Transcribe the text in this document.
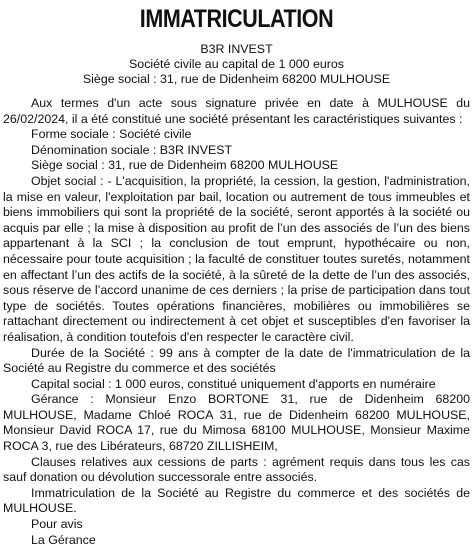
IMMATRICULATION
B3R INVEST
Société civile au capital de 1 000 euros
Siège social : 31, rue de Didenheim 68200 MULHOUSE

Aux termes d'un acte sous signature privée en date à MULHOUSE du 26/02/2024, il a été constitué une société présentant les caractéristiques suivantes :

Forme sociale : Société civile

Dénomination sociale : B3R INVEST

Siège social : 31, rue de Didenheim 68200 MULHOUSE

Objet social : - L'acquisition, la propriété, la cession, la gestion, l'administration, la mise en valeur, l'exploitation par bail, location ou autrement de tous immeubles et biens immobiliers qui sont la propriété de la société, seront apportés à la société ou acquis par elle ; la mise à disposition au profit de l’un des associés de l’un des biens appartenant à la SCI ; la conclusion de tout emprunt, hypothécaire ou non, nécessaire pour toute acquisition ; la faculté de constituer toutes suretés, notamment en affectant l’un des actifs de la société, à la sûreté de la dette de l’un des associés, sous réserve de l’accord unanime de ces derniers ; la prise de participation dans tout type de sociétés. Toutes opérations financières, mobilières ou immobilières se rattachant directement ou indirectement à cet objet et susceptibles d'en favoriser la réalisation, à condition toutefois d'en respecter le caractère civil.

Durée de la Société : 99 ans à compter de la date de l'immatriculation de la Société au Registre du commerce et des sociétés

Capital social : 1 000 euros, constitué uniquement d'apports en numéraire

Gérance : Monsieur Enzo BORTONE 31, rue de Didenheim 68200 MULHOUSE, Madame Chloé ROCA 31, rue de Didenheim 68200 MULHOUSE, Monsieur David ROCA 17, rue du Mimosa 68100 MULHOUSE, Monsieur Maxime ROCA 3, rue des Libérateurs, 68720 ZILLISHEIM,

Clauses relatives aux cessions de parts : agrément requis dans tous les cas sauf donation ou dévolution successorale entre associés.

Immatriculation de la Société au Registre du commerce et des sociétés de MULHOUSE.

Pour avis

La Gérance
